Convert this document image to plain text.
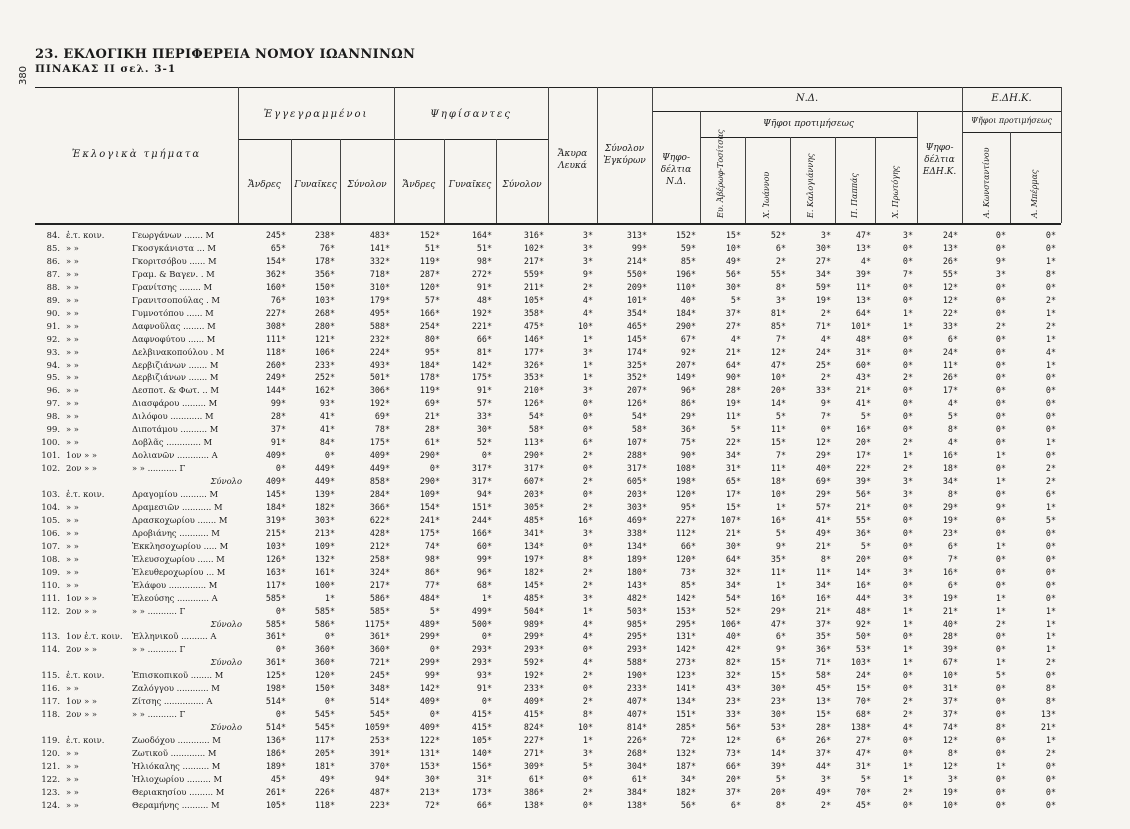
380
23. ΕΚΛΟΓΙΚΗ ΠΕΡΙΦΕΡΕΙΑ ΝΟΜΟΥ ΙΩΑΝΝΙΝΩΝ
ΠΙΝΑΚΑΣ ΙΙ σελ. 3-1
Ἐκλογικὰ τμήματα
Ἐγγεγραμμένοι	Ψηφίσαντες
Ἄκυρα Λευκά
Σύνολον Ἐγκύρων
Ν.Δ.	Ε.ΔΗ.Κ.
Ψηφο-δέλτια Ν.Δ.
Ψῆφοι προτιμήσεως
Ψηφο-δέλτια ΕΔΗ.Κ.
Ψῆφοι προτιμήσεως
Ἄνδρες	Γυναῖκες	Σύνολον	Ἄνδρες	Γυναῖκες	Σύνολον	Ευ. Ἀβέρωφ-Τοσίτσας	Χ. Ἰωάννου	Ε. Καλογιάννης	Π. Παππάς	Χ. Πρωτόγης	Α. Κωνσταντίνου	Α. Μπέρμας
84. ἐ.τ. κοιν.	Γεωργάνων ....... Μ	245*	238*	483*	152*	164*	316*	3*	313*	152*	15*	52*	3*	47*	3*	24*	0*	0*
85. » »	Γκοσγκάνιστα ... Μ	65*	76*	141*	51*	51*	102*	3*	99*	59*	10*	6*	30*	13*	0*	13*	0*	0*
86. » »	Γκοριτσόβου ...... Μ	154*	178*	332*	119*	98*	217*	3*	214*	85*	49*	2*	27*	4*	0*	26*	9*	1*
87. » »	Γραμ. & Βαγεν. . Μ	362*	356*	718*	287*	272*	559*	9*	550*	196*	56*	55*	34*	39*	7*	55*	3*	8*
88. » »	Γρανίτσης ........ Μ	160*	150*	310*	120*	91*	211*	2*	209*	110*	30*	8*	59*	11*	0*	12*	0*	0*
89. » »	Γρανιτσοπούλας . Μ	76*	103*	179*	57*	48*	105*	4*	101*	40*	5*	3*	19*	13*	0*	12*	0*	2*
90. » »	Γυμνοτόπου ...... Μ	227*	268*	495*	166*	192*	358*	4*	354*	184*	37*	81*	2*	64*	1*	22*	0*	1*
91. » »	Δαφνοῦλας ........ Μ	308*	280*	588*	254*	221*	475*	10*	465*	290*	27*	85*	71*	101*	1*	33*	2*	2*
92. » »	Δαφνοφύτου ...... Μ	111*	121*	232*	80*	66*	146*	1*	145*	67*	4*	7*	4*	48*	0*	6*	0*	1*
93. » »	Δελβινακοπούλου . Μ	118*	106*	224*	95*	81*	177*	3*	174*	92*	21*	12*	24*	31*	0*	24*	0*	4*
94. » »	Δερβιζιάνων ....... Μ	260*	233*	493*	184*	142*	326*	1*	325*	207*	64*	47*	25*	60*	0*	11*	0*	1*
95. » »	Δερβιζιάνων ....... Μ	249*	252*	501*	178*	175*	353*	1*	352*	149*	90*	10*	2*	43*	2*	26*	0*	0*
96. » »	Δεσποτ. & Φωτ. .. Μ	144*	162*	306*	119*	91*	210*	3*	207*	96*	28*	20*	33*	21*	0*	17*	0*	0*
97. » »	Διασφάρου ......... Μ	99*	93*	192*	69*	57*	126*	0*	126*	86*	19*	14*	9*	41*	0*	4*	0*	0*
98. » »	Διλόφου ............ Μ	28*	41*	69*	21*	33*	54*	0*	54*	29*	11*	5*	7*	5*	0*	5*	0*	0*
99. » »	Διποτάμου .......... Μ	37*	41*	78*	28*	30*	58*	0*	58*	36*	5*	11*	0*	16*	0*	8*	0*	0*
100. » »	Δοβλᾶς ............. Μ	91*	84*	175*	61*	52*	113*	6*	107*	75*	22*	15*	12*	20*	2*	4*	0*	1*
101. 1ον » »	Δολιανῶν ............ Α	409*	0*	409*	290*	0*	290*	2*	288*	90*	34*	7*	29*	17*	1*	16*	1*	0*
102. 2ον » »	» » ........... Γ	0*	449*	449*	0*	317*	317*	0*	317*	108*	31*	11*	40*	22*	2*	18*	0*	2*
Σύνολο	409*	449*	858*	290*	317*	607*	2*	605*	198*	65*	18*	69*	39*	3*	34*	1*	2*
103. ἐ.τ. κοιν.	Δραγομίου .......... Μ	145*	139*	284*	109*	94*	203*	0*	203*	120*	17*	10*	29*	56*	3*	8*	0*	6*
104. » »	Δραμεσιῶν ........... Μ	184*	182*	366*	154*	151*	305*	2*	303*	95*	15*	1*	57*	21*	0*	29*	9*	1*
105. » »	Δρασκοχωρίου ....... Μ	319*	303*	622*	241*	244*	485*	16*	469*	227*	107*	16*	41*	55*	0*	19*	0*	5*
106. » »	Δροβιάνης ........... Μ	215*	213*	428*	175*	166*	341*	3*	338*	112*	21*	5*	49*	36*	0*	23*	0*	0*
107. » »	Ἐκκλησοχωρίου ..... Μ	103*	109*	212*	74*	60*	134*	0*	134*	66*	30*	9*	21*	5*	0*	6*	1*	0*
108. » »	Ἐλευσοχωρίου ...... Μ	126*	132*	258*	98*	99*	197*	8*	189*	120*	64*	35*	8*	20*	0*	7*	0*	0*
109. » »	Ἐλευθεροχωρίου ... Μ	163*	161*	324*	86*	96*	182*	2*	180*	73*	32*	11*	11*	14*	3*	16*	0*	0*
110. » »	Ἐλάφου .............. Μ	117*	100*	217*	77*	68*	145*	2*	143*	85*	34*	1*	34*	16*	0*	6*	0*	0*
111. 1ον » »	Ἐλεούσης ............ Α	585*	1*	586*	484*	1*	485*	3*	482*	142*	54*	16*	16*	44*	3*	19*	1*	0*
112. 2ον » »	» » ........... Γ	0*	585*	585*	5*	499*	504*	1*	503*	153*	52*	29*	21*	48*	1*	21*	1*	1*
Σύνολο	585*	586*	1175*	489*	500*	989*	4*	985*	295*	106*	47*	37*	92*	1*	40*	2*	1*
113. 1ον ἐ.τ. κοιν.	Ἑλληνικοῦ .......... Α	361*	0*	361*	299*	0*	299*	4*	295*	131*	40*	6*	35*	50*	0*	28*	0*	1*
114. 2ον » »	» » ........... Γ	0*	360*	360*	0*	293*	293*	0*	293*	142*	42*	9*	36*	53*	1*	39*	0*	1*
Σύνολο	361*	360*	721*	299*	293*	592*	4*	588*	273*	82*	15*	71*	103*	1*	67*	1*	2*
115. ἐ.τ. κοιν.	Ἐπισκοπικοῦ ........ Μ	125*	120*	245*	99*	93*	192*	2*	190*	123*	32*	15*	58*	24*	0*	10*	5*	0*
116. » »	Ζαλόγγου ............ Μ	198*	150*	348*	142*	91*	233*	0*	233*	141*	43*	30*	45*	15*	0*	31*	0*	8*
117. 1ον » »	Ζίτσης ............... Α	514*	0*	514*	409*	0*	409*	2*	407*	134*	23*	23*	13*	70*	2*	37*	0*	8*
118. 2ον » »	» » ........... Γ	0*	545*	545*	0*	415*	415*	8*	407*	151*	33*	30*	15*	68*	2*	37*	0*	13*
Σύνολο	514*	545*	1059*	409*	415*	824*	10*	814*	285*	56*	53*	28*	138*	4*	74*	8*	21*
119. ἐ.τ. κοιν.	Ζωοδόχου ............ Μ	136*	117*	253*	122*	105*	227*	1*	226*	72*	12*	6*	26*	27*	0*	12*	0*	1*
120. » »	Ζωτικοῦ ............. Μ	186*	205*	391*	131*	140*	271*	3*	268*	132*	73*	14*	37*	47*	0*	8*	0*	2*
121. » »	Ἡλιόκαλης .......... Μ	189*	181*	370*	153*	156*	309*	5*	304*	187*	66*	39*	44*	31*	1*	12*	1*	0*
122. » »	Ἡλιοχωρίου ......... Μ	45*	49*	94*	30*	31*	61*	0*	61*	34*	20*	5*	3*	5*	1*	3*	0*	0*
123. » »	Θεριακησίου ......... Μ	261*	226*	487*	213*	173*	386*	2*	384*	182*	37*	20*	49*	70*	2*	19*	0*	0*
124. » »	Θεραμήνης .......... Μ	105*	118*	223*	72*	66*	138*	0*	138*	56*	6*	8*	2*	45*	0*	10*	0*	0*
